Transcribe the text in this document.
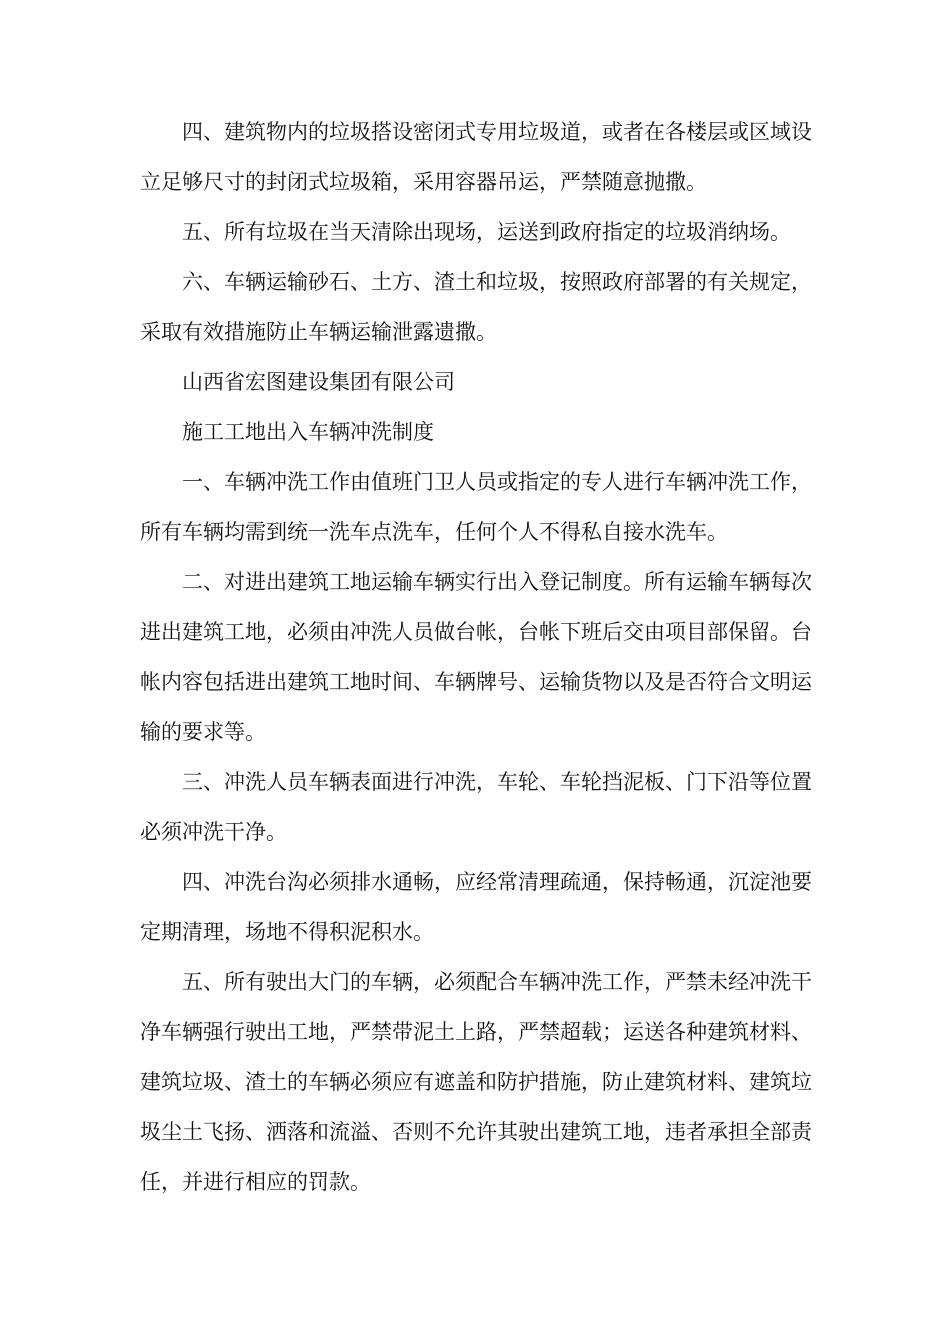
四、建筑物内的垃圾搭设密闭式专用垃圾道，或者在各楼层或区域设立足够尺寸的封闭式垃圾箱，采用容器吊运，严禁随意抛撒。

五、所有垃圾在当天清除出现场，运送到政府指定的垃圾消纳场。

六、车辆运输砂石、土方、渣土和垃圾，按照政府部署的有关规定，采取有效措施防止车辆运输泄露遗撒。

山西省宏图建设集团有限公司

施工工地出入车辆冲洗制度

一、车辆冲洗工作由值班门卫人员或指定的专人进行车辆冲洗工作，所有车辆均需到统一洗车点洗车，任何个人不得私自接水洗车。

二、对进出建筑工地运输车辆实行出入登记制度。所有运输车辆每次进出建筑工地，必须由冲洗人员做台帐，台帐下班后交由项目部保留。台帐内容包括进出建筑工地时间、车辆牌号、运输货物以及是否符合文明运输的要求等。

三、冲洗人员车辆表面进行冲洗，车轮、车轮挡泥板、门下沿等位置必须冲洗干净。

四、冲洗台沟必须排水通畅，应经常清理疏通，保持畅通，沉淀池要定期清理，场地不得积泥积水。

五、所有驶出大门的车辆，必须配合车辆冲洗工作，严禁未经冲洗干净车辆强行驶出工地，严禁带泥土上路，严禁超载；运送各种建筑材料、建筑垃圾、渣土的车辆必须应有遮盖和防护措施，防止建筑材料、建筑垃圾尘土飞扬、洒落和流溢、否则不允许其驶出建筑工地，违者承担全部责任，并进行相应的罚款。
